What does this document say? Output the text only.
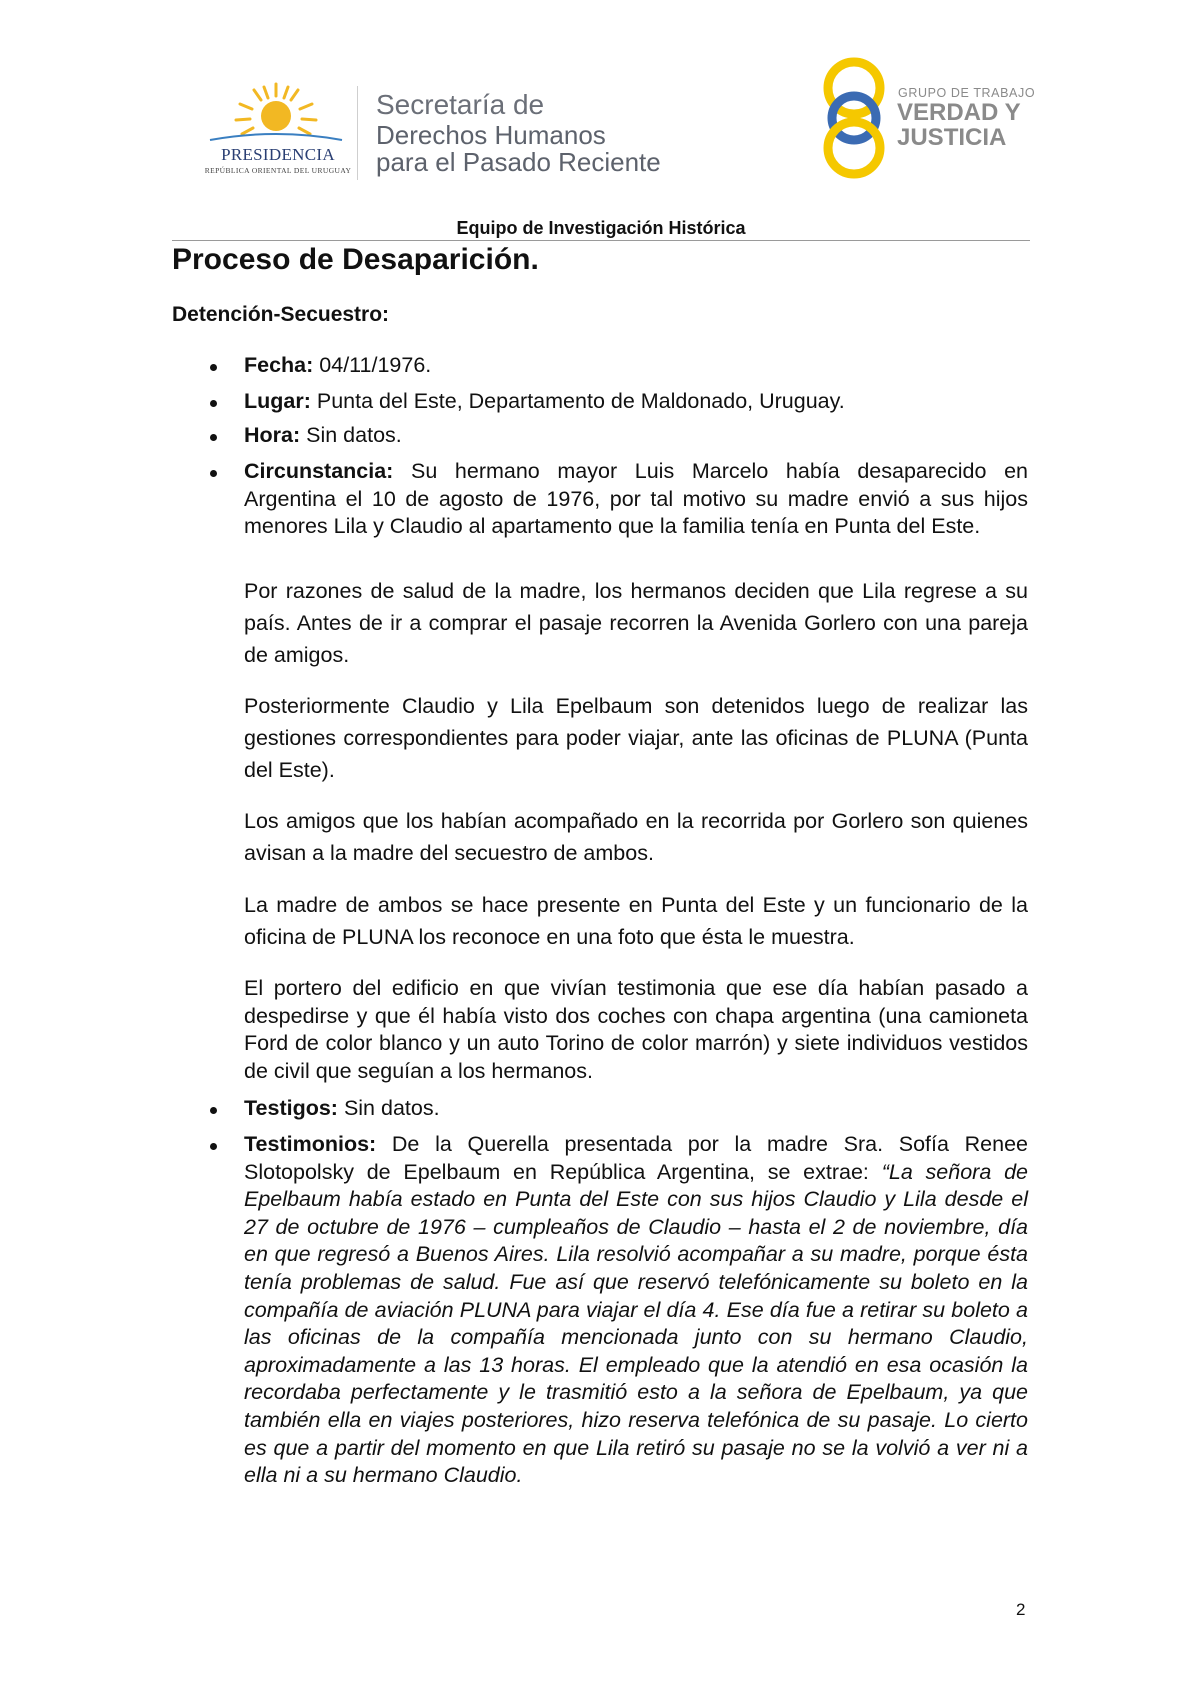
PRESIDENCIA
REPÚBLICA ORIENTAL DEL URUGUAY
Secretaría de
Derechos Humanos
para el Pasado Reciente
GRUPO DE TRABAJO
VERDAD Y
JUSTICIA
Equipo de Investigación Histórica
Proceso de Desaparición.
Detención-Secuestro:
Fecha: 04/11/1976.
Lugar: Punta del Este, Departamento de Maldonado, Uruguay.
Hora: Sin datos.
Circunstancia: Su hermano mayor Luis Marcelo había desaparecido en Argentina el 10 de agosto de 1976, por tal motivo su madre envió a sus hijos menores Lila y Claudio al apartamento que la familia tenía en Punta del Este.
Por razones de salud de la madre, los hermanos deciden que Lila regrese a su país. Antes de ir a comprar el pasaje recorren la Avenida Gorlero con una pareja de amigos.
Posteriormente Claudio y Lila Epelbaum son detenidos luego de realizar las gestiones correspondientes para poder viajar, ante las oficinas de PLUNA (Punta del Este).
Los amigos que los habían acompañado en la recorrida por Gorlero son quienes avisan a la madre del secuestro de ambos.
La madre de ambos se hace presente en Punta del Este y un funcionario de la oficina de PLUNA los reconoce en una foto que ésta le muestra.
El portero del edificio en que vivían testimonia que ese día habían pasado a despedirse y que él había visto dos coches con chapa argentina (una camioneta Ford de color blanco y un auto Torino de color marrón) y siete individuos vestidos de civil que seguían a los hermanos.
Testigos: Sin datos.
Testimonios: De la Querella presentada por la madre Sra. Sofía Renee Slotopolsky de Epelbaum en República Argentina, se extrae: “La señora de Epelbaum había estado en Punta del Este con sus hijos Claudio y Lila desde el 27 de octubre de 1976 – cumpleaños de Claudio – hasta el 2 de noviembre, día en que regresó a Buenos Aires. Lila resolvió acompañar a su madre, porque ésta tenía problemas de salud. Fue así que reservó telefónicamente su boleto en la compañía de aviación PLUNA para viajar el día 4. Ese día fue a retirar su boleto a las oficinas de la compañía mencionada junto con su hermano Claudio, aproximadamente a las 13 horas. El empleado que la atendió en esa ocasión la recordaba perfectamente y le trasmitió esto a la señora de Epelbaum, ya que también ella en viajes posteriores, hizo reserva telefónica de su pasaje. Lo cierto es que a partir del momento en que Lila retiró su pasaje no se la volvió a ver ni a ella ni a su hermano Claudio.
2
